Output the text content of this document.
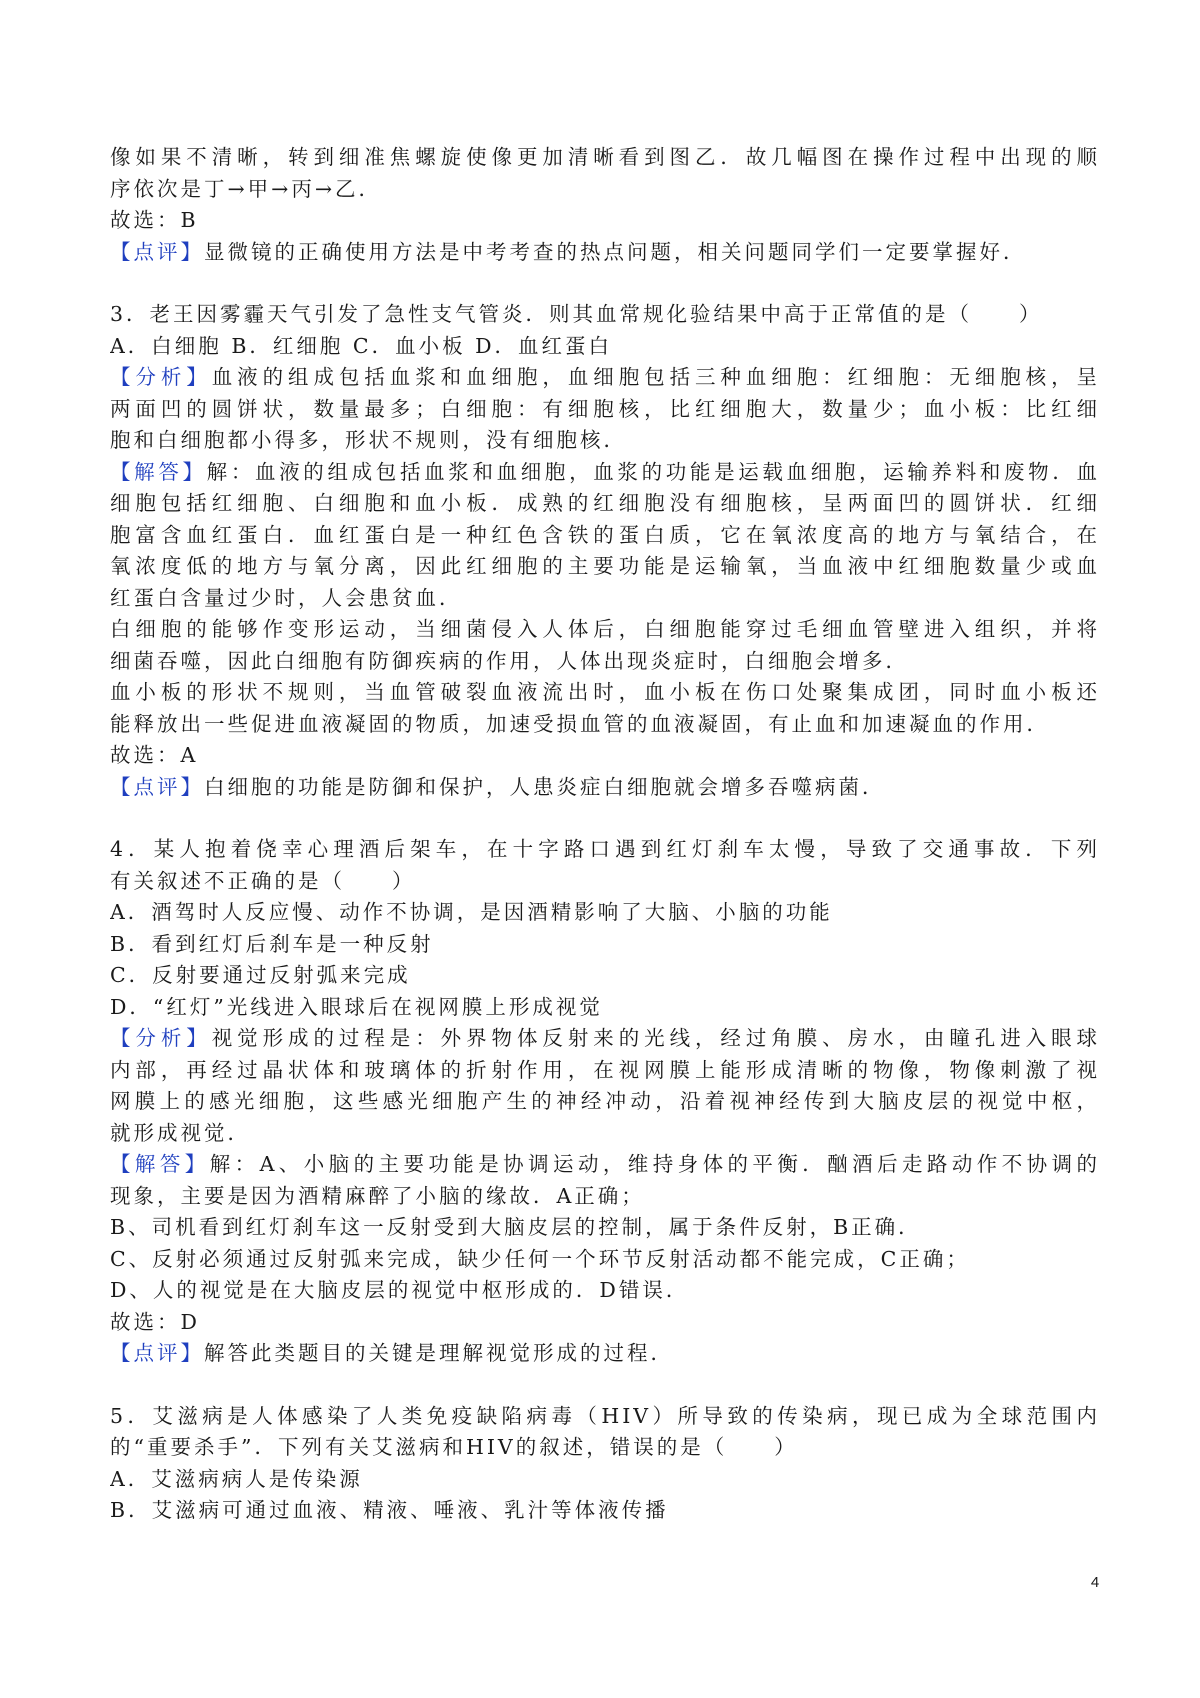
像如果不清晰，转到细准焦螺旋使像更加清晰看到图乙．故几幅图在操作过程中出现的顺
序依次是丁→甲→丙→乙．
故选：B
【点评】显微镜的正确使用方法是中考考查的热点问题，相关问题同学们一定要掌握好．
3．老王因雾霾天气引发了急性支气管炎．则其血常规化验结果中高于正常值的是（　　）
A．白细胞 B．红细胞 C．血小板 D．血红蛋白
【分析】血液的组成包括血浆和血细胞，血细胞包括三种血细胞：红细胞：无细胞核，呈
两面凹的圆饼状，数量最多；白细胞：有细胞核，比红细胞大，数量少；血小板：比红细
胞和白细胞都小得多，形状不规则，没有细胞核．
【解答】解：血液的组成包括血浆和血细胞，血浆的功能是运载血细胞，运输养料和废物．血
细胞包括红细胞、白细胞和血小板．成熟的红细胞没有细胞核，呈两面凹的圆饼状．红细
胞富含血红蛋白．血红蛋白是一种红色含铁的蛋白质，它在氧浓度高的地方与氧结合，在
氧浓度低的地方与氧分离，因此红细胞的主要功能是运输氧，当血液中红细胞数量少或血
红蛋白含量过少时，人会患贫血．
白细胞的能够作变形运动，当细菌侵入人体后，白细胞能穿过毛细血管壁进入组织，并将
细菌吞噬，因此白细胞有防御疾病的作用，人体出现炎症时，白细胞会增多．
血小板的形状不规则，当血管破裂血液流出时，血小板在伤口处聚集成团，同时血小板还
能释放出一些促进血液凝固的物质，加速受损血管的血液凝固，有止血和加速凝血的作用．
故选：A
【点评】白细胞的功能是防御和保护，人患炎症白细胞就会增多吞噬病菌．
4．某人抱着侥幸心理酒后架车，在十字路口遇到红灯刹车太慢，导致了交通事故．下列
有关叙述不正确的是（　　）
A．酒驾时人反应慢、动作不协调，是因酒精影响了大脑、小脑的功能
B．看到红灯后刹车是一种反射
C．反射要通过反射弧来完成
D．“红灯”光线进入眼球后在视网膜上形成视觉
【分析】视觉形成的过程是：外界物体反射来的光线，经过角膜、房水，由瞳孔进入眼球
内部，再经过晶状体和玻璃体的折射作用，在视网膜上能形成清晰的物像，物像刺激了视
网膜上的感光细胞，这些感光细胞产生的神经冲动，沿着视神经传到大脑皮层的视觉中枢，
就形成视觉．
【解答】解：A、小脑的主要功能是协调运动，维持身体的平衡．酗酒后走路动作不协调的
现象，主要是因为酒精麻醉了小脑的缘故．A正确；
B、司机看到红灯刹车这一反射受到大脑皮层的控制，属于条件反射，B正确．
C、反射必须通过反射弧来完成，缺少任何一个环节反射活动都不能完成，C正确；
D、人的视觉是在大脑皮层的视觉中枢形成的．D错误．
故选：D
【点评】解答此类题目的关键是理解视觉形成的过程．
5．艾滋病是人体感染了人类免疫缺陷病毒（HIV）所导致的传染病，现已成为全球范围内
的“重要杀手”．下列有关艾滋病和HIV的叙述，错误的是（　　）
A．艾滋病病人是传染源
B．艾滋病可通过血液、精液、唾液、乳汁等体液传播
4
